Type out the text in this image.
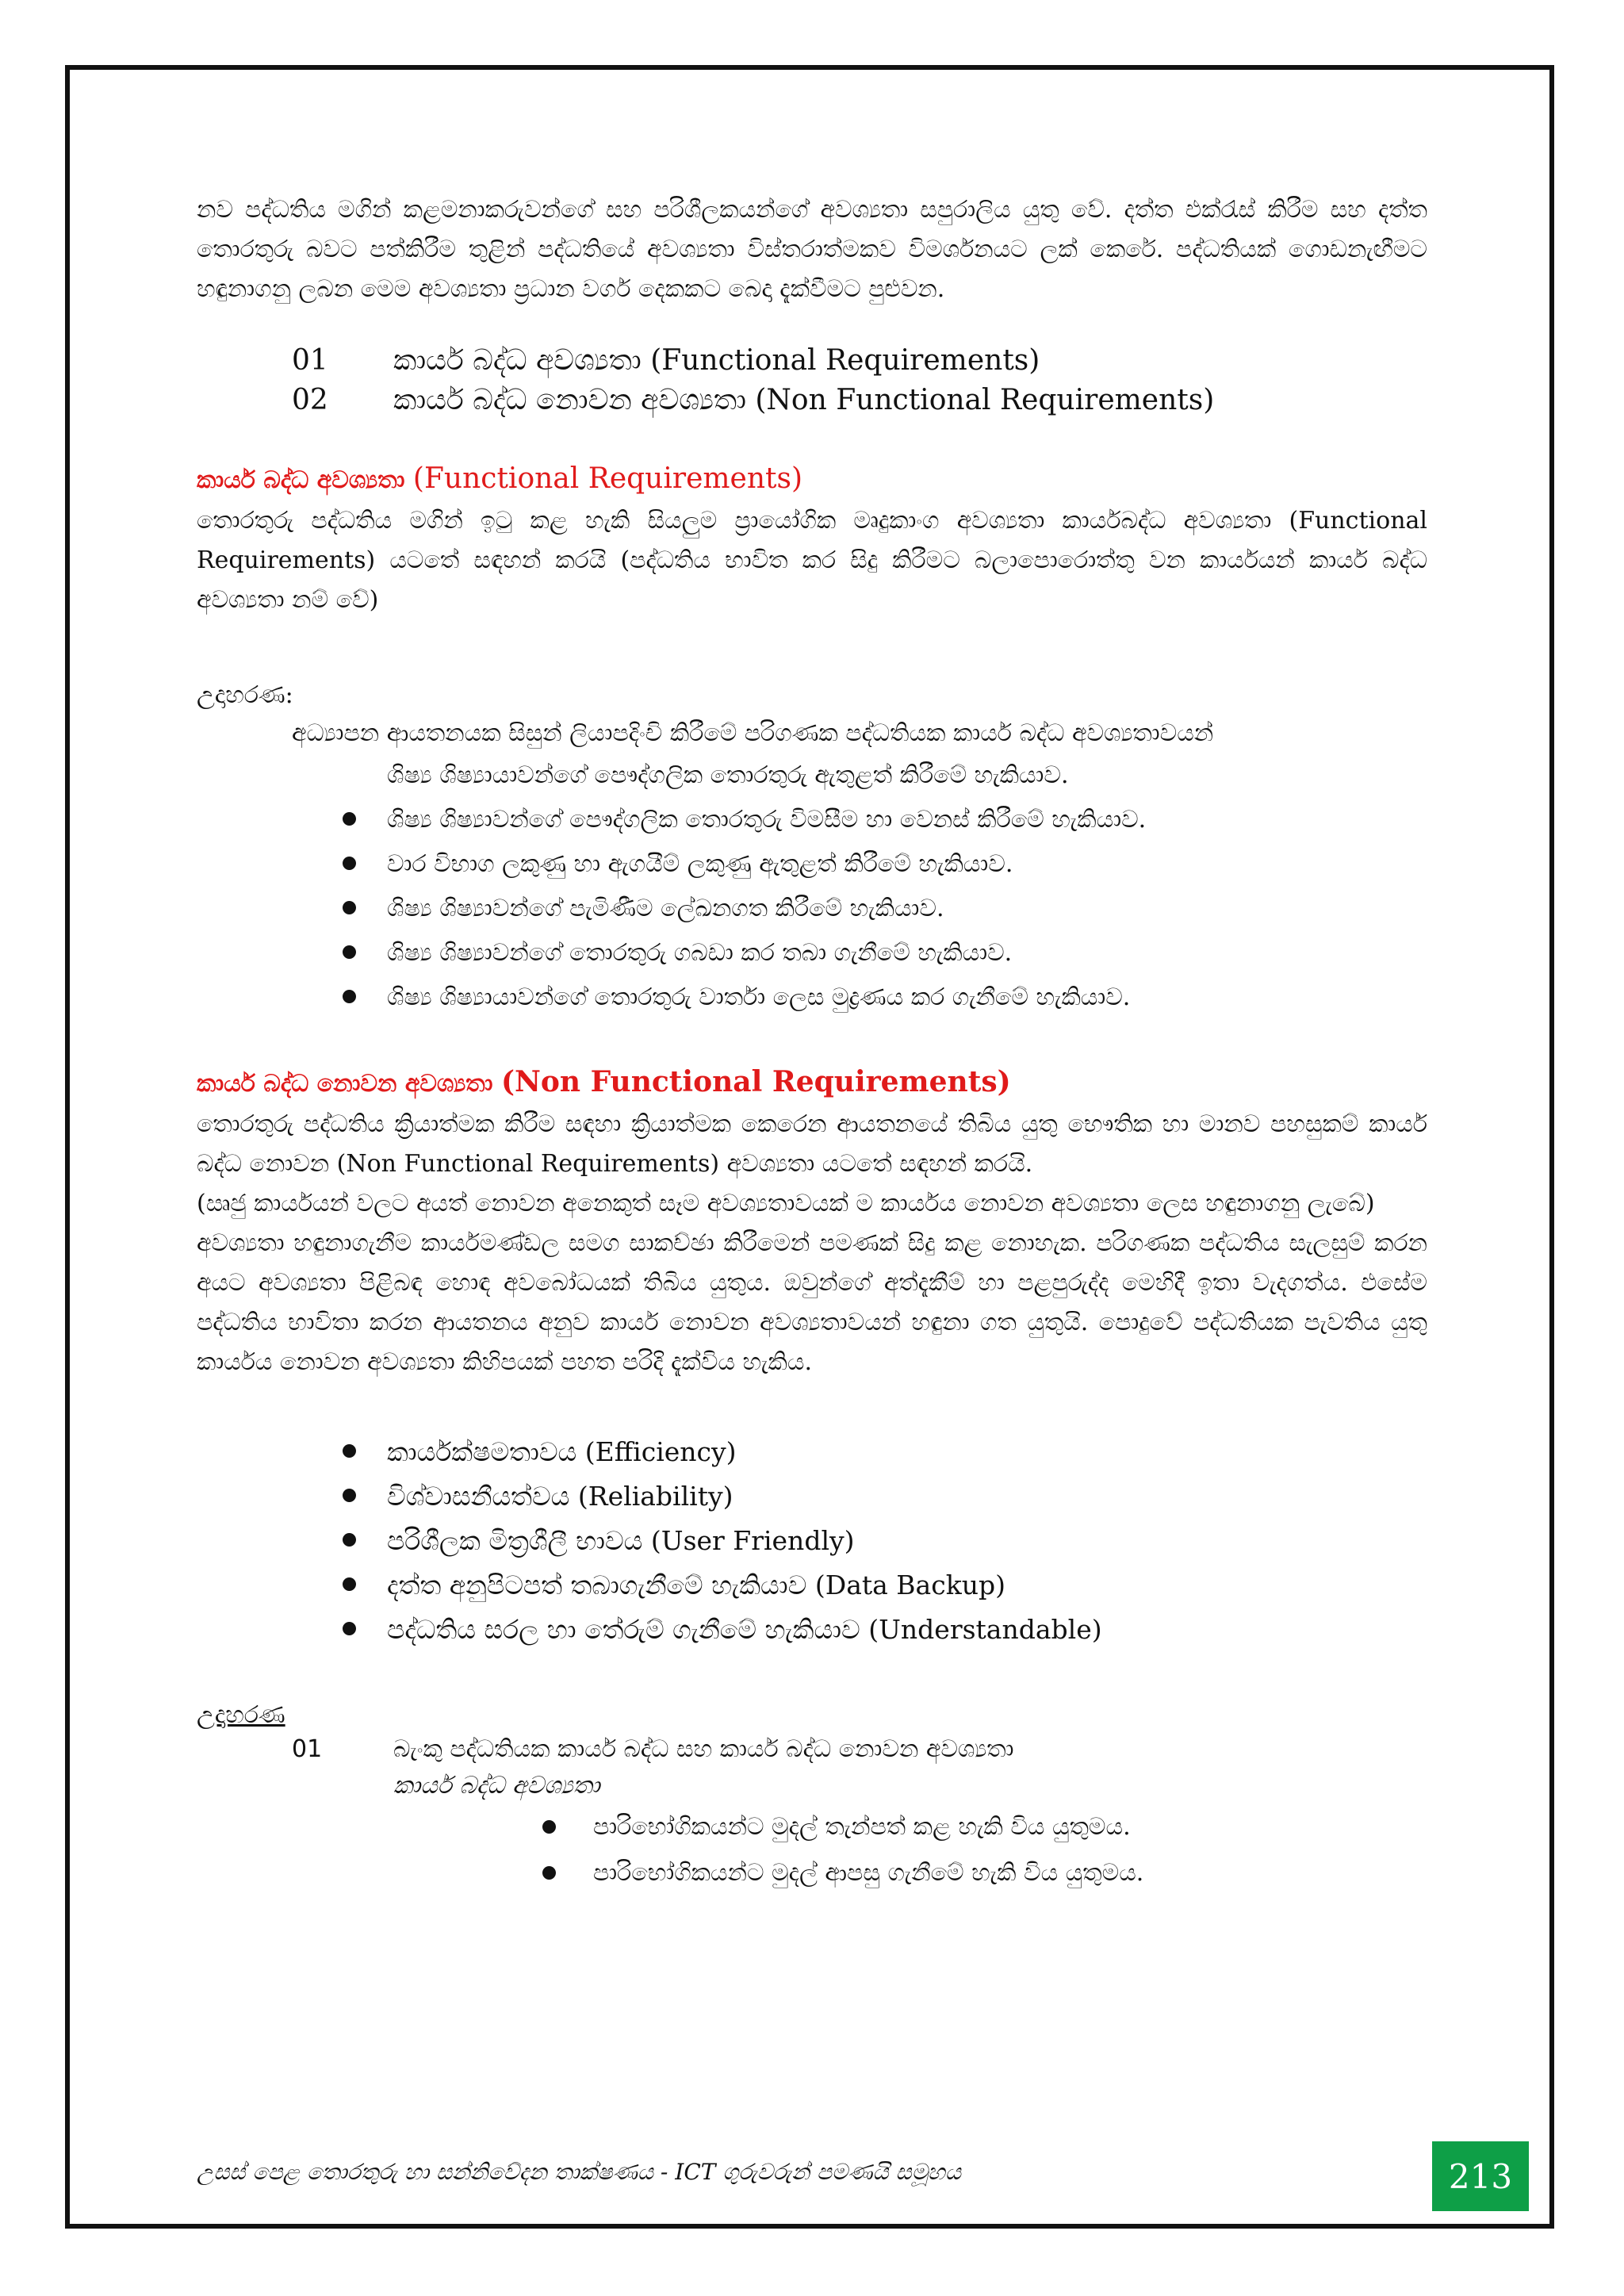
නව පද්ධතිය මගින් කළමනාකරුවන්ගේ සහ පරිශීලකයන්ගේ අවශ්‍යතා සපුරාලිය යුතු වේ. දත්ත එක්රැස් කිරීම සහ දත්ත තොරතුරු බවට පත්කිරීම තුළින් පද්ධතියේ අවශ්‍යතා විස්තරාත්මකව විමර්ශනයට ලක් කෙරේ. පද්ධතියක් ගොඩනැඟීමට හඳුනාගනු ලබන මෙම අවශ්‍යතා ප්‍රධාන වර්ග දෙකකට බෙදා දැක්වීමට පුළුවන.

01	කාර්ය බද්ධ අවශ්‍යතා (Functional Requirements)
02	කාර්ය බද්ධ නොවන අවශ්‍යතා (Non Functional Requirements)

කාර්ය බද්ධ අවශ්‍යතා (Functional Requirements)

තොරතුරු පද්ධතිය මගින් ඉටු කළ හැකි සියලුම ප්‍රායෝගික මෘදුකාංග අවශ්‍යතා කාර්යබද්ධ අවශ්‍යතා (Functional Requirements) යටතේ සඳහන් කරයි (පද්ධතිය භාවිත කර සිදු කිරීමට බලාපොරොත්තු වන කාර්යයන් කාර්ය බද්ධ අවශ්‍යතා නම් වේ)

උදාහරණ:

අධ්‍යාපන ආයතනයක සිසුන් ලියාපදිංචි කිරීමේ පරිගණක පද්ධතියක කාර්ය බද්ධ අවශ්‍යතාවයන්

ශිෂ්‍ය ශිෂ්‍යායාවන්ගේ පෞද්ගලික තොරතුරු ඇතුළත් කිරීමේ හැකියාව.
ශිෂ්‍ය ශිෂ්‍යාවන්ගේ පෞද්ගලික තොරතුරු විමසීම හා වෙනස් කිරීමේ හැකියාව.
වාර විභාග ලකුණු හා ඇගයීම් ලකුණු ඇතුළත් කිරීමේ හැකියාව.
ශිෂ්‍ය ශිෂ්‍යාවන්ගේ පැමිණීම ලේඛනගත කිරීමේ හැකියාව.
ශිෂ්‍ය ශිෂ්‍යාවන්ගේ තොරතුරු ගබඩා කර තබා ගැනීමේ හැකියාව.
ශිෂ්‍ය ශිෂ්‍යායාවන්ගේ තොරතුරු වාර්තා ලෙස මුද්‍රණය කර ගැනීමේ හැකියාව.

කාර්ය බද්ධ නොවන අවශ්‍යතා (Non Functional Requirements)

තොරතුරු පද්ධතිය ක්‍රියාත්මක කිරීම සඳහා ක්‍රියාත්මක කෙරෙන ආයතනයේ තිබිය යුතු භෞතික හා මානව පහසුකම් කාර්ය බද්ධ නොවන (Non Functional Requirements) අවශ්‍යතා යටතේ සඳහන් කරයි.

(ඍජු කාර්යයන් වලට අයත් නොවන අනෙකුත් සෑම අවශ්‍යතාවයක් ම කාර්යය නොවන අවශ්‍යතා ලෙස හඳුනාගනු ලැබේ)

අවශ්‍යතා හඳුනාගැනීම කාර්යමණ්ඩල සමග සාකච්ඡා කිරීමෙන් පමණක් සිදු කළ නොහැක. පරිගණක පද්ධතිය සැලසුම් කරන අයට අවශ්‍යතා පිළිබඳ හොඳ අවබෝධයක් තිබිය යුතුය. ඔවුන්ගේ අත්දැකීම් හා පළපුරුද්ද මෙහිදී ඉතා වැදගත්ය. එසේම පද්ධතිය භාවිතා කරන ආයතනය අනුව කාර්ය නොවන අවශ්‍යතාවයන් හඳුනා ගත යුතුයි. පොදුවේ පද්ධතියක පැවතිය යුතු කාර්යය නොවන අවශ්‍යතා කිහිපයක් පහත පරිදි දැක්විය හැකිය.

කාර්යක්ෂමතාවය (Efficiency)
විශ්වාසනීයත්වය (Reliability)
පරිශීලක මිත්‍රශීලී භාවය (User Friendly)
දත්ත අනුපිටපත් තබාගැනීමේ හැකියාව (Data Backup)
පද්ධතිය සරල හා තේරුම් ගැනීමේ හැකියාව (Understandable)

උදාහරණ

01	බැංකු පද්ධතියක කාර්ය බද්ධ සහ කාර්ය බද්ධ නොවන අවශ්‍යතා

කාර්ය බද්ධ අවශ්‍යතා

පාරිභෝගිකයන්ට මුදල් තැන්පත් කළ හැකි විය යුතුමය.
පාරිභෝගිකයන්ට මුදල් ආපසු ගැනීමේ හැකි විය යුතුමය.
උසස් පෙළ තොරතුරු හා සන්නිවේදන තාක්ෂණය - ICT ගුරුවරුන් පමණයි සමූහය	213
